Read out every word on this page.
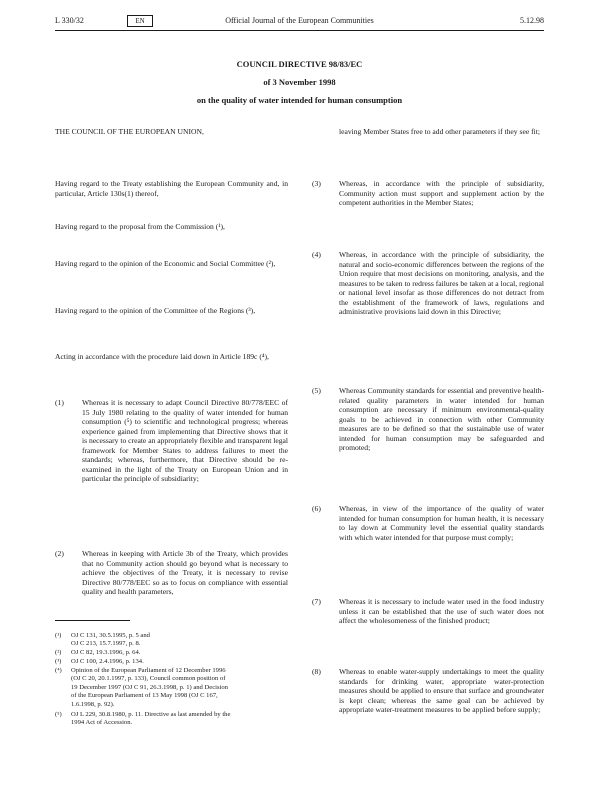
Official Journal of the European Communities
L 330/32	EN	5.12.98
COUNCIL DIRECTIVE 98/83/EC
of 3 November 1998
on the quality of water intended for human consumption
THE COUNCIL OF THE EUROPEAN UNION,
Having regard to the Treaty establishing the European Community and, in particular, Article 130s(1) thereof,
Having regard to the proposal from the Commission (¹),
Having regard to the opinion of the Economic and Social Committee (²),
Having regard to the opinion of the Committee of the Regions (³),
Acting in accordance with the procedure laid down in Article 189c (⁴),
(1) Whereas it is necessary to adapt Council Directive 80/778/EEC of 15 July 1980 relating to the quality of water intended for human consumption (⁵) to scientific and technological progress; whereas experience gained from implementing that Directive shows that it is necessary to create an appropriately flexible and transparent legal framework for Member States to address failures to meet the standards; whereas, furthermore, that Directive should be re-examined in the light of the Treaty on European Union and in particular the principle of subsidiarity;
(2) Whereas in keeping with Article 3b of the Treaty, which provides that no Community action should go beyond what is necessary to achieve the objectives of the Treaty, it is necessary to revise Directive 80/778/EEC so as to focus on compliance with essential quality and health parameters,
(¹) OJ C 131, 30.5.1995, p. 5 and
OJ C 213, 15.7.1997, p. 8.
(²) OJ C 82, 19.3.1996, p. 64.
(³) OJ C 100, 2.4.1996, p. 134.
(⁴) Opinion of the European Parliament of 12 December 1996
(OJ C 20, 20.1.1997, p. 133), Council common position of
19 December 1997 (OJ C 91, 26.3.1998, p. 1) and Decision
of the European Parliament of 13 May 1998 (OJ C 167,
1.6.1998, p. 92).
(⁵) OJ L 229, 30.8.1980, p. 11. Directive as last amended by the
1994 Act of Accession.
leaving Member States free to add other parameters if they see fit;
(3) Whereas, in accordance with the principle of subsidiarity, Community action must support and supplement action by the competent authorities in the Member States;
(4) Whereas, in accordance with the principle of subsidiarity, the natural and socio-economic differences between the regions of the Union require that most decisions on monitoring, analysis, and the measures to be taken to redress failures be taken at a local, regional or national level insofar as those differences do not detract from the establishment of the framework of laws, regulations and administrative provisions laid down in this Directive;
(5) Whereas Community standards for essential and preventive health-related quality parameters in water intended for human consumption are necessary if minimum environmental-quality goals to be achieved in connection with other Community measures are to be defined so that the sustainable use of water intended for human consumption may be safeguarded and promoted;
(6) Whereas, in view of the importance of the quality of water intended for human consumption for human health, it is necessary to lay down at Community level the essential quality standards with which water intended for that purpose must comply;
(7) Whereas it is necessary to include water used in the food industry unless it can be established that the use of such water does not affect the wholesomeness of the finished product;
(8) Whereas to enable water-supply undertakings to meet the quality standards for drinking water, appropriate water-protection measures should be applied to ensure that surface and groundwater is kept clean; whereas the same goal can be achieved by appropriate water-treatment measures to be applied before supply;
